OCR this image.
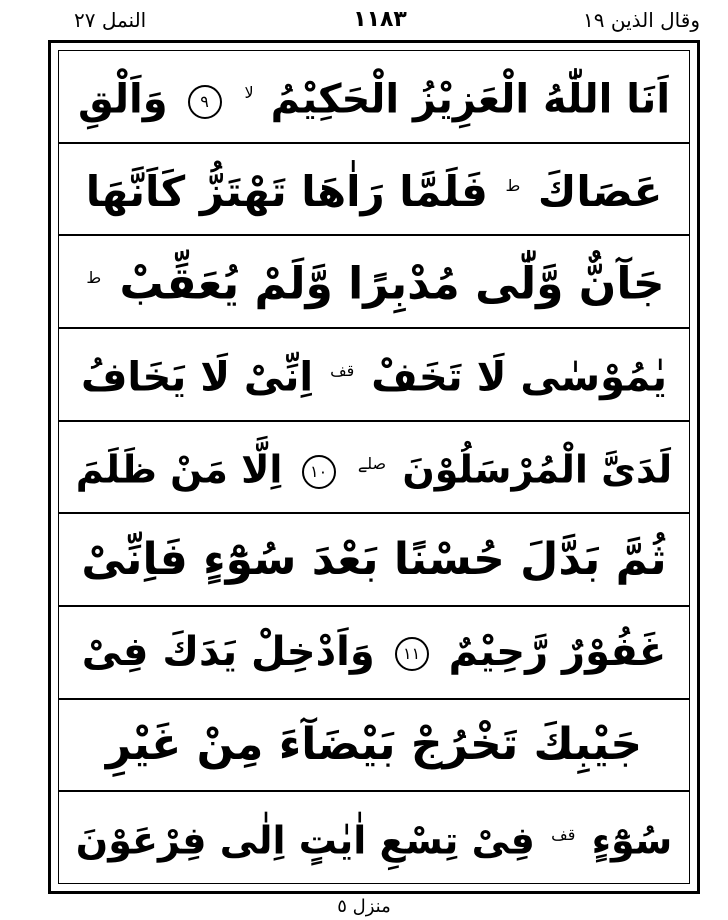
النمل ٢٧	١١٨٣	وقال الذين ١٩
اَنَا اللّٰهُ الْعَزِيْزُ الْحَكِيْمُ $^{لا}$ ٩ وَاَلْقِ
عَصَاكَ $^ط$ فَلَمَّا رَاٰهَا تَهْتَزُّ كَاَنَّهَا
جَآنٌّ وَّلّٰى مُدْبِرًا وَّلَمْ يُعَقِّبْ $^ط$
يٰمُوْسٰى لَا تَخَفْ $^{قف}$ اِنِّىْ لَا يَخَافُ
لَدَىَّ الْمُرْسَلُوْنَ $^{صلے}$ ١٠ اِلَّا مَنْ ظَلَمَ
ثُمَّ بَدَّلَ حُسْنًا بَعْدَ سُوْٓءٍ فَاِنِّىْ
غَفُوْرٌ رَّحِيْمٌ ١١ وَاَدْخِلْ يَدَكَ فِىْ
جَيْبِكَ تَخْرُجْ بَيْضَآءَ مِنْ غَيْرِ
سُوْٓءٍ $^{قف}$ فِىْ تِسْعِ اٰيٰتٍ اِلٰى فِرْعَوْنَ
منزل ٥
